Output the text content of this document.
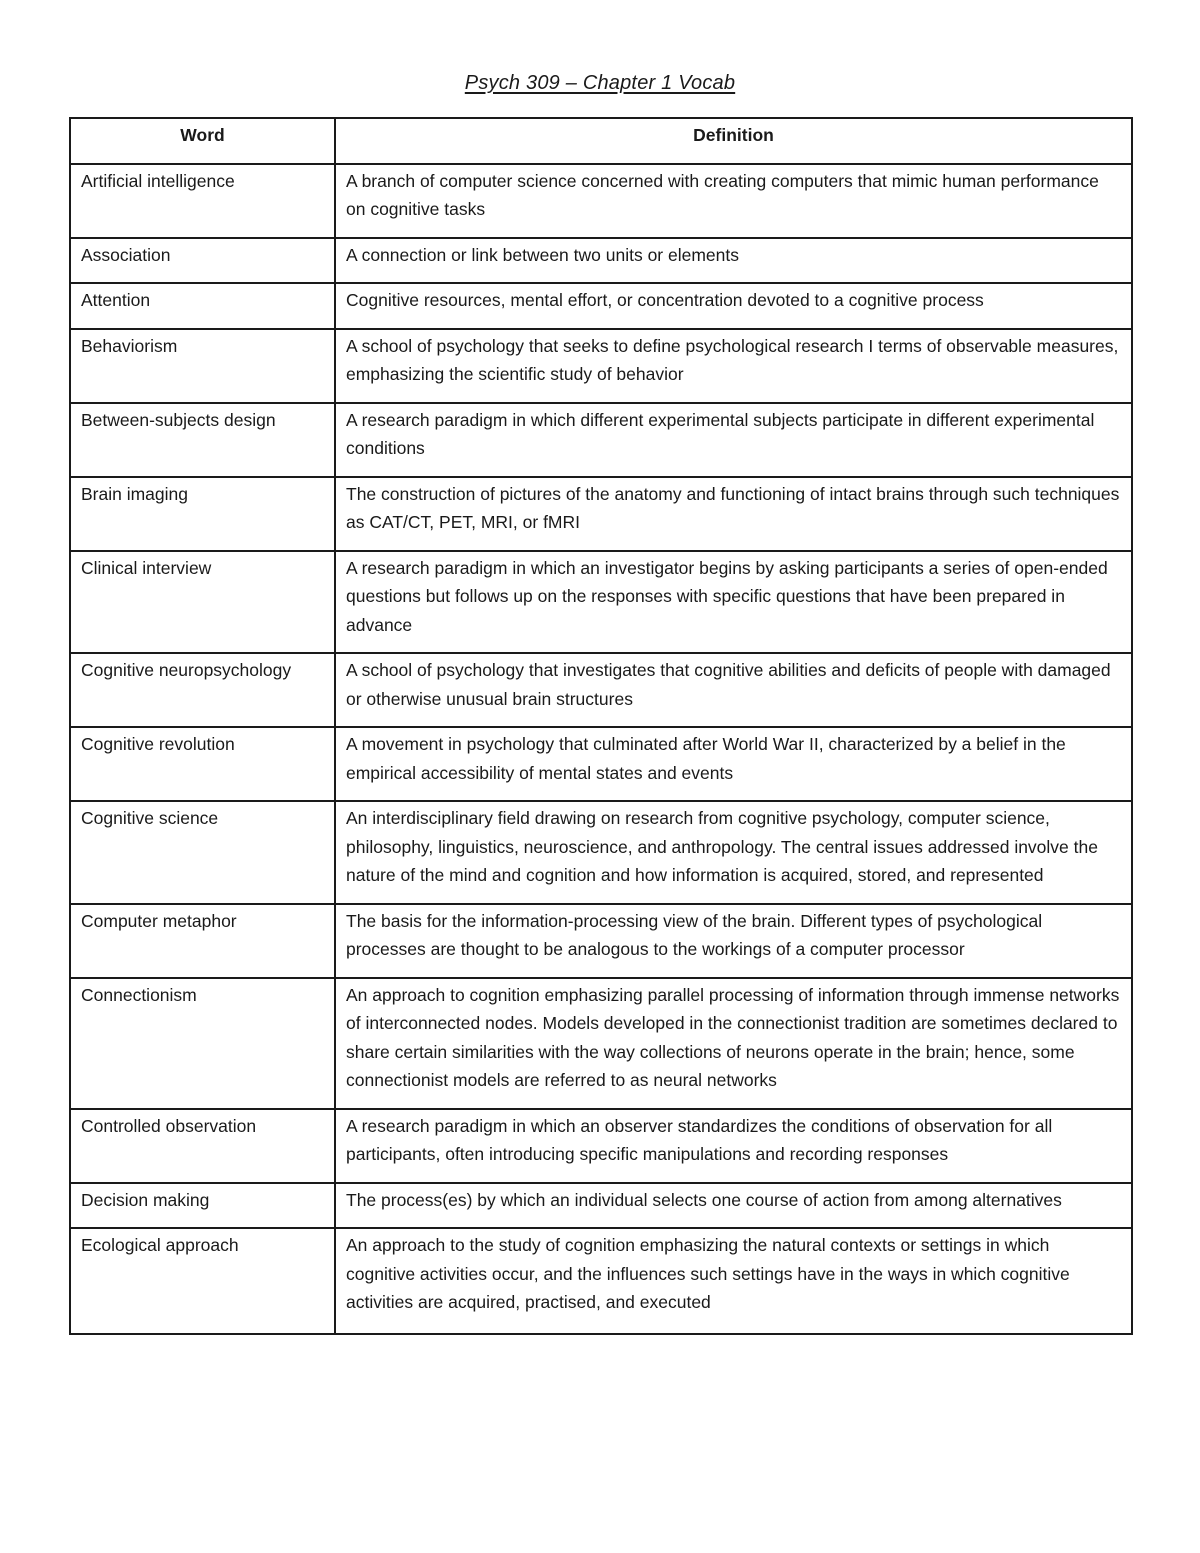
Psych 309 – Chapter 1 Vocab
Word	Definition
Artificial intelligence	A branch of computer science concerned with creating computers that mimic human performance on cognitive tasks
Association	A connection or link between two units or elements
Attention	Cognitive resources, mental effort, or concentration devoted to a cognitive process
Behaviorism	A school of psychology that seeks to define psychological research I terms of observable measures, emphasizing the scientific study of behavior
Between-subjects design	A research paradigm in which different experimental subjects participate in different experimental conditions
Brain imaging	The construction of pictures of the anatomy and functioning of intact brains through such techniques as CAT/CT, PET, MRI, or fMRI
Clinical interview	A research paradigm in which an investigator begins by asking participants a series of open-ended questions but follows up on the responses with specific questions that have been prepared in advance
Cognitive neuropsychology	A school of psychology that investigates that cognitive abilities and deficits of people with damaged or otherwise unusual brain structures
Cognitive revolution	A movement in psychology that culminated after World War II, characterized by a belief in the empirical accessibility of mental states and events
Cognitive science	An interdisciplinary field drawing on research from cognitive psychology, computer science, philosophy, linguistics, neuroscience, and anthropology. The central issues addressed involve the nature of the mind and cognition and how information is acquired, stored, and represented
Computer metaphor	The basis for the information-processing view of the brain. Different types of psychological processes are thought to be analogous to the workings of a computer processor
Connectionism	An approach to cognition emphasizing parallel processing of information through immense networks of interconnected nodes. Models developed in the connectionist tradition are sometimes declared to share certain similarities with the way collections of neurons operate in the brain; hence, some connectionist models are referred to as neural networks
Controlled observation	A research paradigm in which an observer standardizes the conditions of observation for all participants, often introducing specific manipulations and recording responses
Decision making	The process(es) by which an individual selects one course of action from among alternatives
Ecological approach	An approach to the study of cognition emphasizing the natural contexts or settings in which cognitive activities occur, and the influences such settings have in the ways in which cognitive activities are acquired, practised, and executed
